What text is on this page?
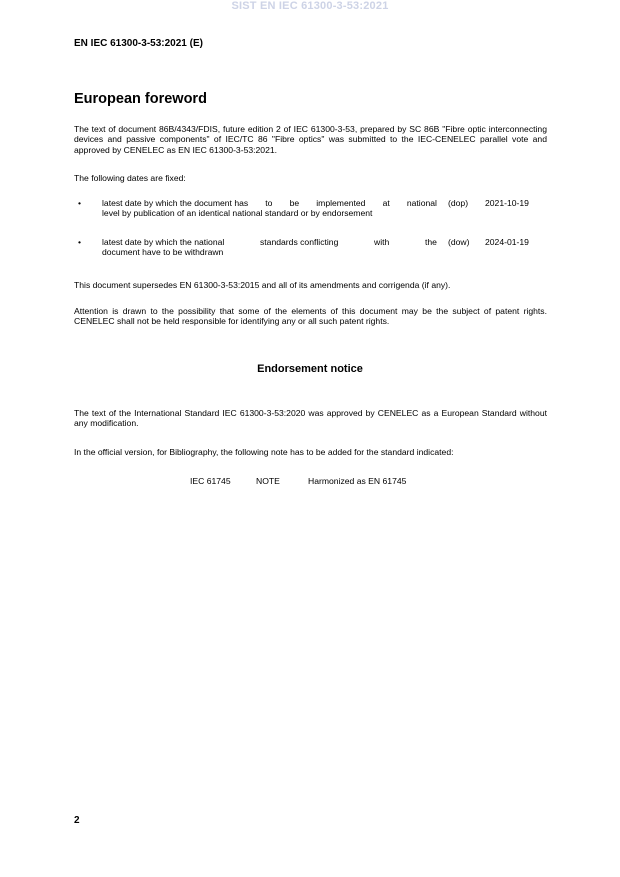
SIST EN IEC 61300-3-53:2021
EN IEC 61300-3-53:2021 (E)
European foreword
The text of document 86B/4343/FDIS, future edition 2 of IEC 61300-3-53, prepared by SC 86B "Fibre optic interconnecting devices and passive components" of IEC/TC 86 "Fibre optics" was submitted to the IEC-CENELEC parallel vote and approved by CENELEC as EN IEC 61300-3-53:2021.
The following dates are fixed:
• latest date by which the document has to be implemented at national
level by publication of an identical national standard or by endorsement
(dop) 2021-10-19
• latest date by which the national	standards conflicting	with	the
document have to be withdrawn
(dow) 2024-01-19
This document supersedes EN 61300-3-53:2015 and all of its amendments and corrigenda (if any).
Attention is drawn to the possibility that some of the elements of this document may be the subject of patent rights. CENELEC shall not be held responsible for identifying any or all such patent rights.
Endorsement notice
The text of the International Standard IEC 61300-3-53:2020 was approved by CENELEC as a European Standard without any modification.
In the official version, for Bibliography, the following note has to be added for the standard indicated:
IEC 61745	NOTE	Harmonized as EN 61745
2
